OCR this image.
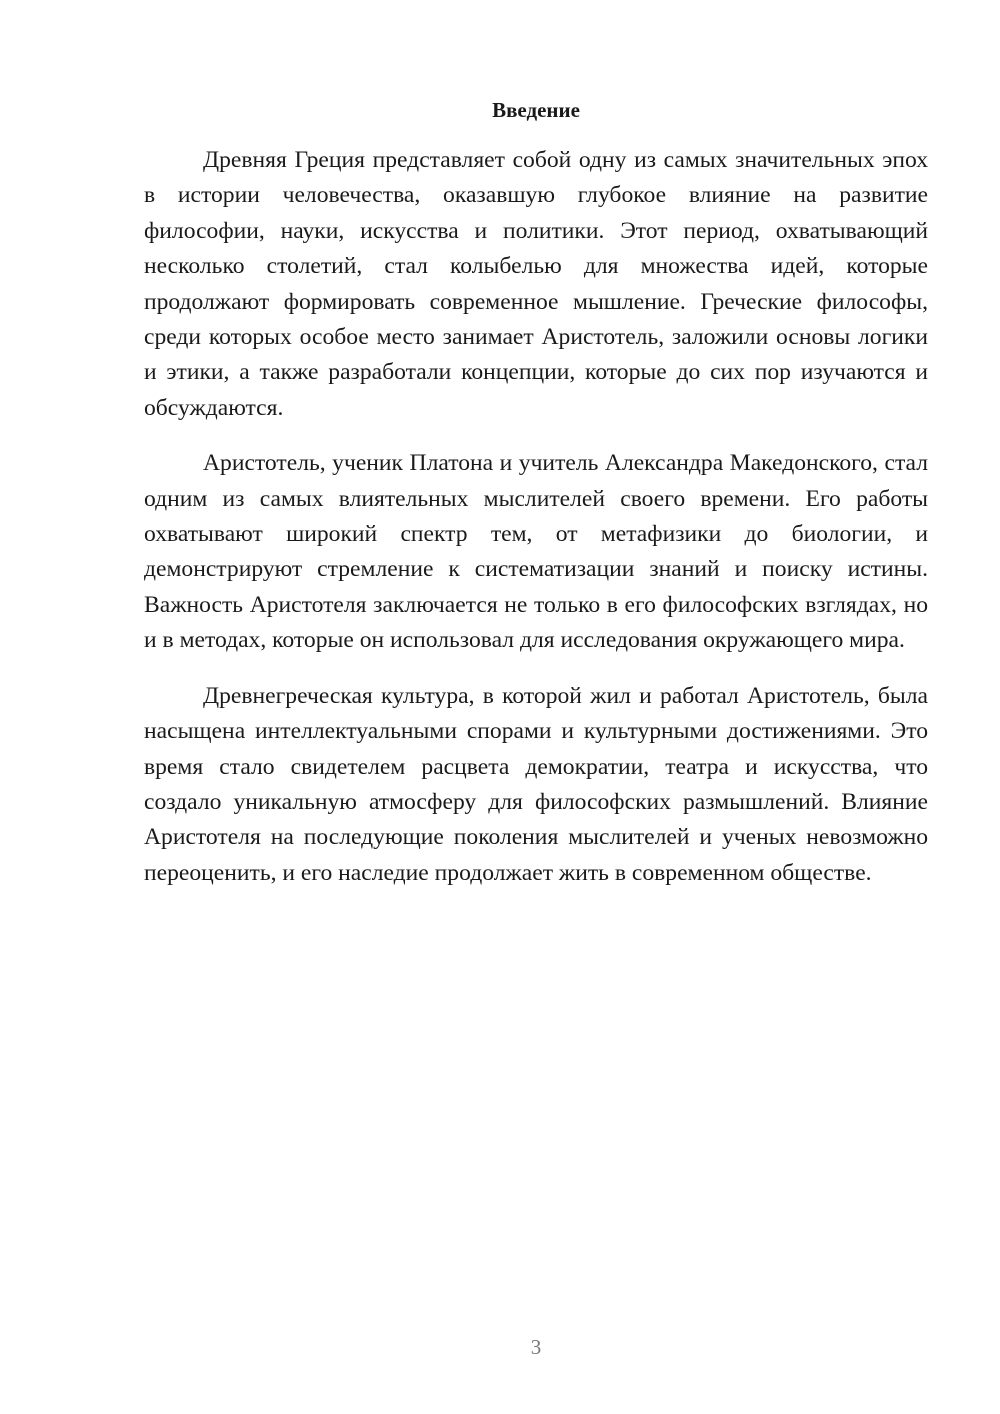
Введение

Древняя Греция представляет собой одну из самых значительных эпох в истории человечества, оказавшую глубокое влияние на развитие философии, науки, искусства и политики. Этот период, охватывающий несколько столетий, стал колыбелью для множества идей, которые продолжают формировать современное мышление. Греческие философы, среди которых особое место занимает Аристотель, заложили основы логики и этики, а также разработали концепции, которые до сих пор изучаются и обсуждаются.

Аристотель, ученик Платона и учитель Александра Македонского, стал одним из самых влиятельных мыслителей своего времени. Его работы охватывают широкий спектр тем, от метафизики до биологии, и демонстрируют стремление к систематизации знаний и поиску истины. Важность Аристотеля заключается не только в его философских взглядах, но и в методах, которые он использовал для исследования окружающего мира.

Древнегреческая культура, в которой жил и работал Аристотель, была насыщена интеллектуальными спорами и культурными достижениями. Это время стало свидетелем расцвета демократии, театра и искусства, что создало уникальную атмосферу для философских размышлений. Влияние Аристотеля на последующие поколения мыслителей и ученых невозможно переоценить, и его наследие продолжает жить в современном обществе.

3
